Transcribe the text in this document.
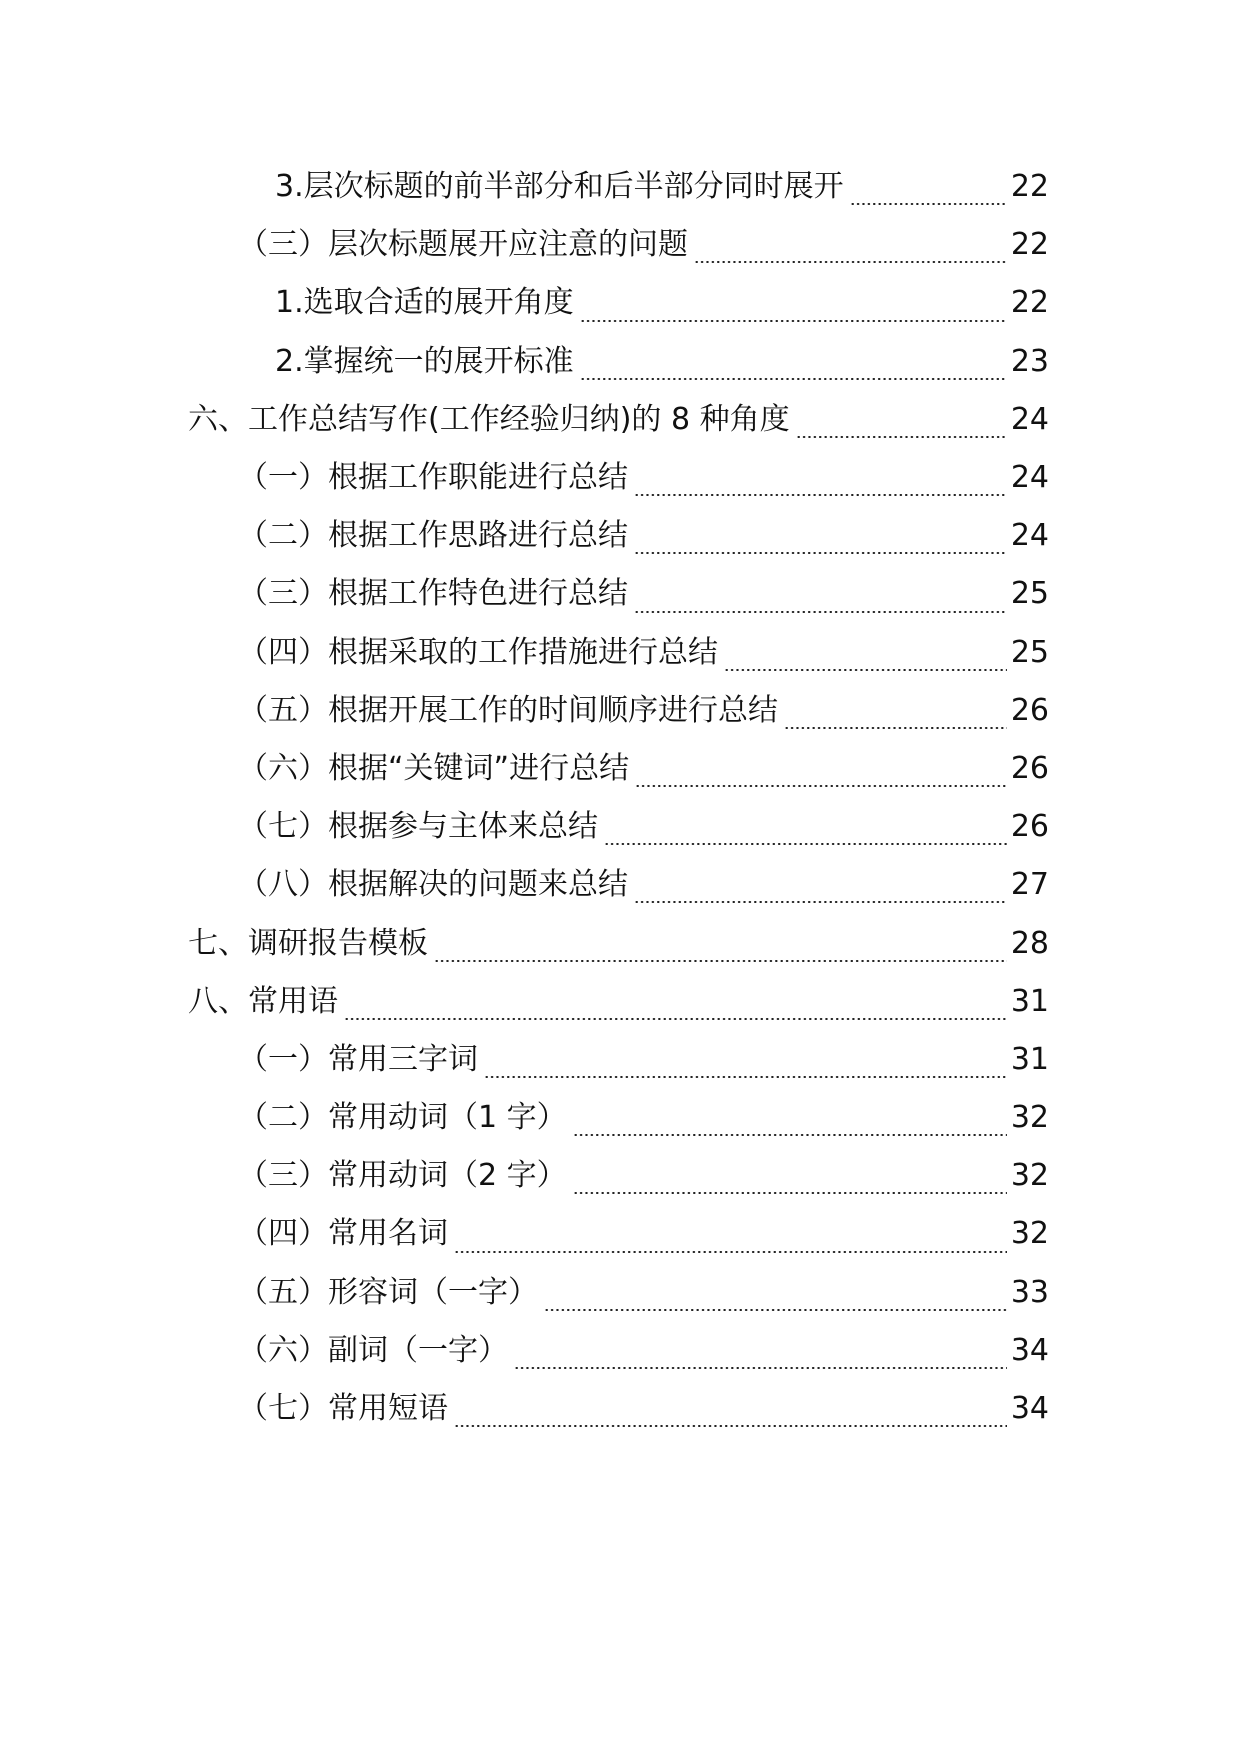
3.层次标题的前半部分和后半部分同时展开	22
（三）层次标题展开应注意的问题	22
1.选取合适的展开角度	22
2.掌握统一的展开标准	23
六、工作总结写作(工作经验归纳)的 8 种角度	24
（一）根据工作职能进行总结	24
（二）根据工作思路进行总结	24
（三）根据工作特色进行总结	25
（四）根据采取的工作措施进行总结	25
（五）根据开展工作的时间顺序进行总结	26
（六）根据“关键词”进行总结	26
（七）根据参与主体来总结	26
（八）根据解决的问题来总结	27
七、调研报告模板	28
八、常用语	31
（一）常用三字词	31
（二）常用动词（1 字）	32
（三）常用动词（2 字）	32
（四）常用名词	32
（五）形容词（一字）	33
（六）副词（一字）	34
（七）常用短语	34
